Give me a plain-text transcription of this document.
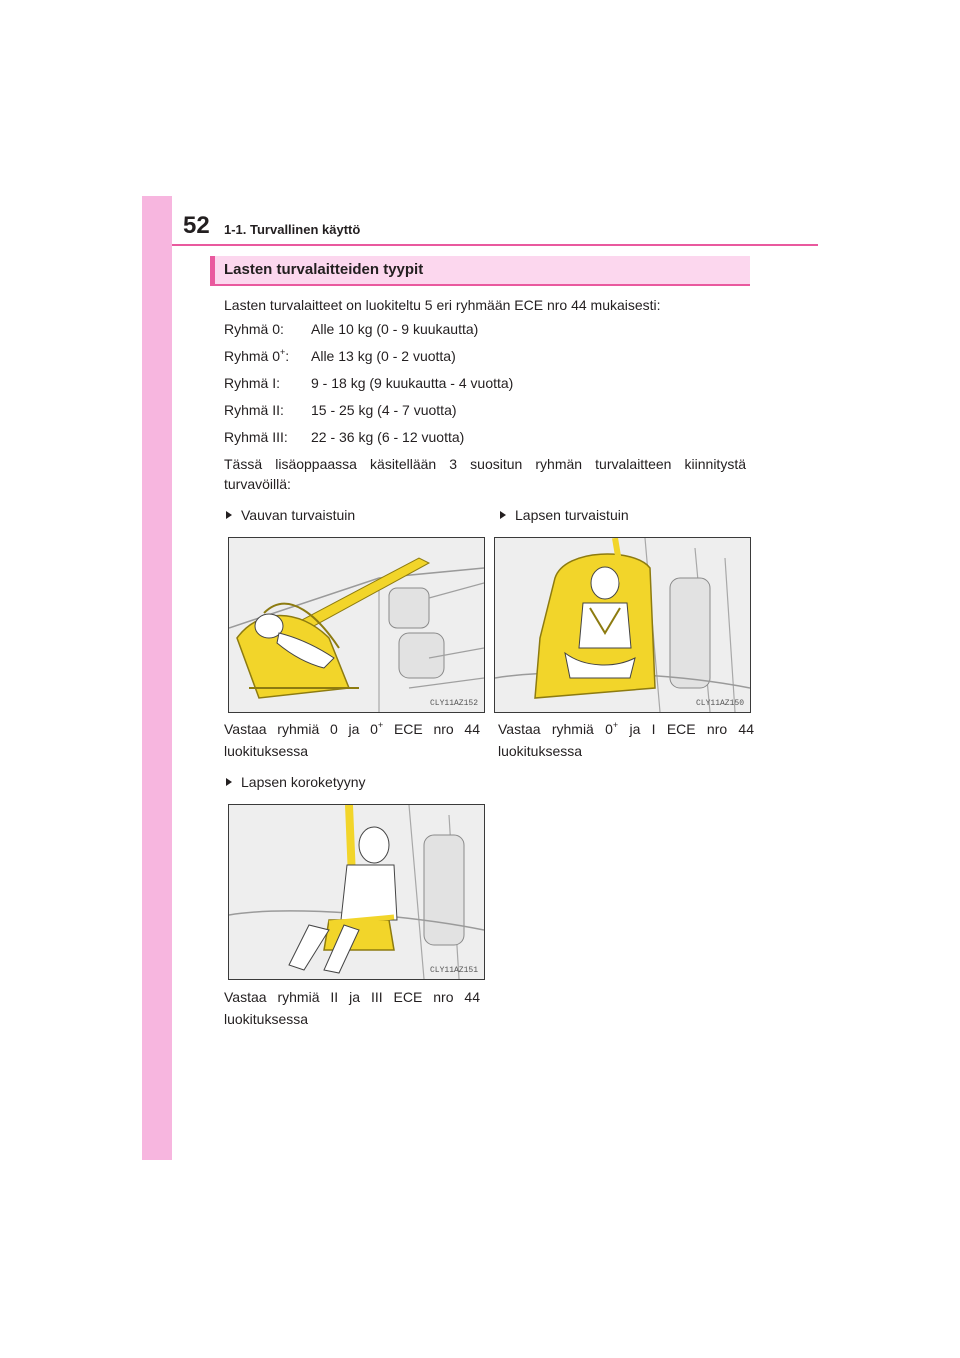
52 1-1. Turvallinen käyttö
Lasten turvalaitteiden tyypit
Lasten turvalaitteet on luokiteltu 5 eri ryhmään ECE nro 44 mukaisesti:
Ryhmä 0: Alle 10 kg (0 - 9 kuukautta)
Ryhmä 0+: Alle 13 kg (0 - 2 vuotta)
Ryhmä I: 9 - 18 kg (9 kuukautta - 4 vuotta)
Ryhmä II: 15 - 25 kg (4 - 7 vuotta)
Ryhmä III: 22 - 36 kg (6 - 12 vuotta)
Tässä lisäoppaassa käsitellään 3 suositun ryhmän turvalaitteen kiinnitystä turvavöillä:
Vauvan turvaistuin
CLY11AZ152
Vastaa ryhmiä 0 ja 0+ ECE nro 44 luokituksessa
Lapsen turvaistuin
CLY11AZ150
Vastaa ryhmiä 0+ ja I ECE nro 44 luokituksessa
Lapsen koroketyyny
CLY11AZ151
Vastaa ryhmiä II ja III ECE nro 44 luokituksessa
